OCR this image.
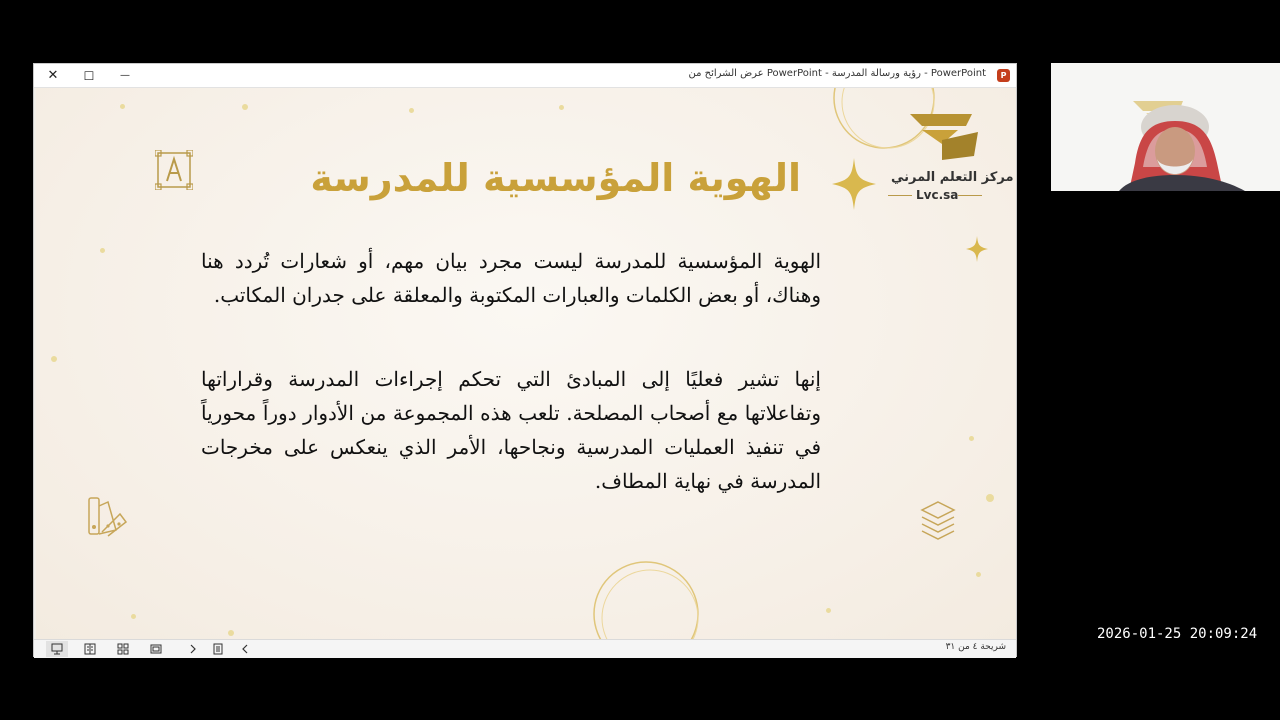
✕ ☐	—	P
PowerPoint - رؤية ورسالة المدرسة - PowerPoint عرض الشرائح من
مركز التعلم المرني
Lvc.sa
الهوية المؤسسية للمدرسة
الهوية المؤسسية للمدرسة ليست مجرد بيان مهم، أو شعارات تُردد هنا وهناك، أو بعض الكلمات والعبارات المكتوبة والمعلقة على جدران المكاتب.
إنها تشير فعليًا إلى المبادئ التي تحكم إجراءات المدرسة وقراراتها وتفاعلاتها مع أصحاب المصلحة. تلعب هذه المجموعة من الأدوار دوراً محورياً في تنفيذ العمليات المدرسية ونجاحها، الأمر الذي ينعكس على مخرجات المدرسة في نهاية المطاف.
شريحة ٤ من ٣١
2026-01-25 20:09:24
